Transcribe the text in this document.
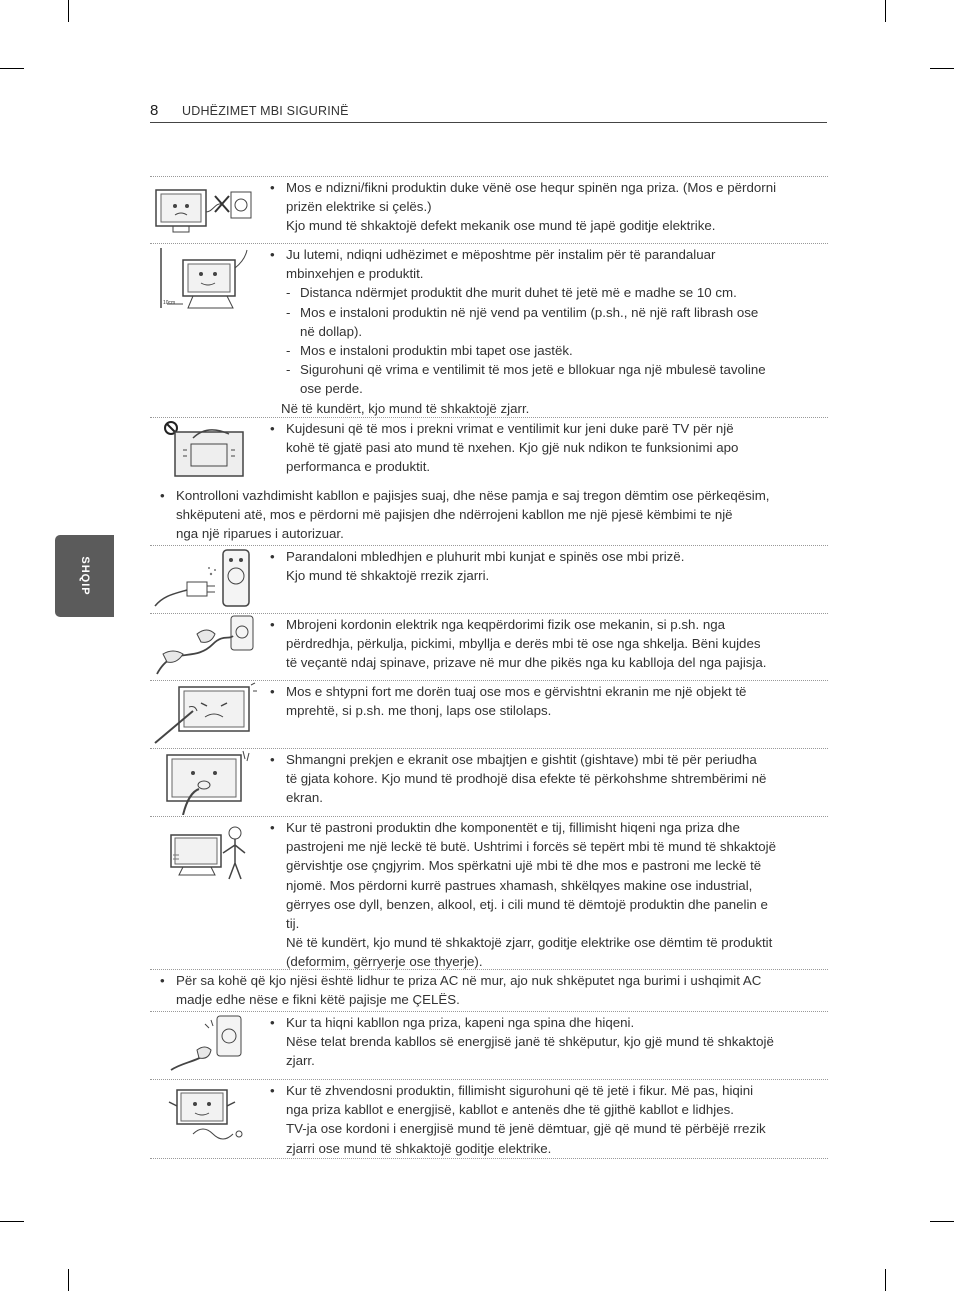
8 UDHËZIMET MBI SIGURINË
SHQIP
• Mos e ndizni/fikni produktin duke vënë ose hequr spinën nga priza. (Mos e përdorni
prizën elektrike si çelës.)
Kjo mund të shkaktojë defekt mekanik ose mund të japë goditje elektrike.
10cm
• Ju lutemi, ndiqni udhëzimet e mëposhtme për instalim për të parandaluar
mbinxehjen e produktit.
- Distanca ndërmjet produktit dhe murit duhet të jetë më e madhe se 10 cm.
- Mos e instaloni produktin në një vend pa ventilim (p.sh., në një raft librash ose
në dollap).
- Mos e instaloni produktin mbi tapet ose jastëk.
- Sigurohuni që vrima e ventilimit të mos jetë e bllokuar nga një mbulesë tavoline
ose perde.
Në të kundërt, kjo mund të shkaktojë zjarr.
• Kujdesuni që të mos i prekni vrimat e ventilimit kur jeni duke parë TV për një
kohë të gjatë pasi ato mund të nxehen. Kjo gjë nuk ndikon te funksionimi apo
performanca e produktit.
• Kontrolloni vazhdimisht kabllon e pajisjes suaj, dhe nëse pamja e saj tregon dëmtim ose përkeqësim,
shkëputeni atë, mos e përdorni më pajisjen dhe ndërrojeni kabllon me një pjesë këmbimi te një
nga një riparues i autorizuar.
• Parandaloni mbledhjen e pluhurit mbi kunjat e spinës ose mbi prizë.
Kjo mund të shkaktojë rrezik zjarri.
• Mbrojeni kordonin elektrik nga keqpërdorimi fizik ose mekanin, si p.sh. nga
përdredhja, përkulja, pickimi, mbyllja e derës mbi të ose nga shkelja. Bëni kujdes
të veçantë ndaj spinave, prizave në mur dhe pikës nga ku kablloja del nga pajisja.
• Mos e shtypni fort me dorën tuaj ose mos e gërvishtni ekranin me një objekt të
mprehtë, si p.sh. me thonj, laps ose stilolaps.
• Shmangni prekjen e ekranit ose mbajtjen e gishtit (gishtave) mbi të për periudha
të gjata kohore. Kjo mund të prodhojë disa efekte të përkohshme shtrembërimi në
ekran.
• Kur të pastroni produktin dhe komponentët e tij, fillimisht hiqeni nga priza dhe
pastrojeni me një leckë të butë. Ushtrimi i forcës së tepërt mbi të mund të shkaktojë
gërvishtje ose çngjyrim. Mos spërkatni ujë mbi të dhe mos e pastroni me leckë të
njomë. Mos përdorni kurrë pastrues xhamash, shkëlqyes makine ose industrial,
gërryes ose dyll, benzen, alkool, etj. i cili mund të dëmtojë produktin dhe panelin e
tij.
Në të kundërt, kjo mund të shkaktojë zjarr, goditje elektrike ose dëmtim të produktit
(deformim, gërryerje ose thyerje).
• Për sa kohë që kjo njësi është lidhur te priza AC në mur, ajo nuk shkëputet nga burimi i ushqimit AC
madje edhe nëse e fikni këtë pajisje me ÇELËS.
• Kur ta hiqni kabllon nga priza, kapeni nga spina dhe hiqeni.
Nëse telat brenda kabllos së energjisë janë të shkëputur, kjo gjë mund të shkaktojë
zjarr.
• Kur të zhvendosni produktin, fillimisht sigurohuni që të jetë i fikur. Më pas, hiqini
nga priza kabllot e energjisë, kabllot e antenës dhe të gjithë kabllot e lidhjes.
TV-ja ose kordoni i energjisë mund të jenë dëmtuar, gjë që mund të përbëjë rrezik
zjarri ose mund të shkaktojë goditje elektrike.
